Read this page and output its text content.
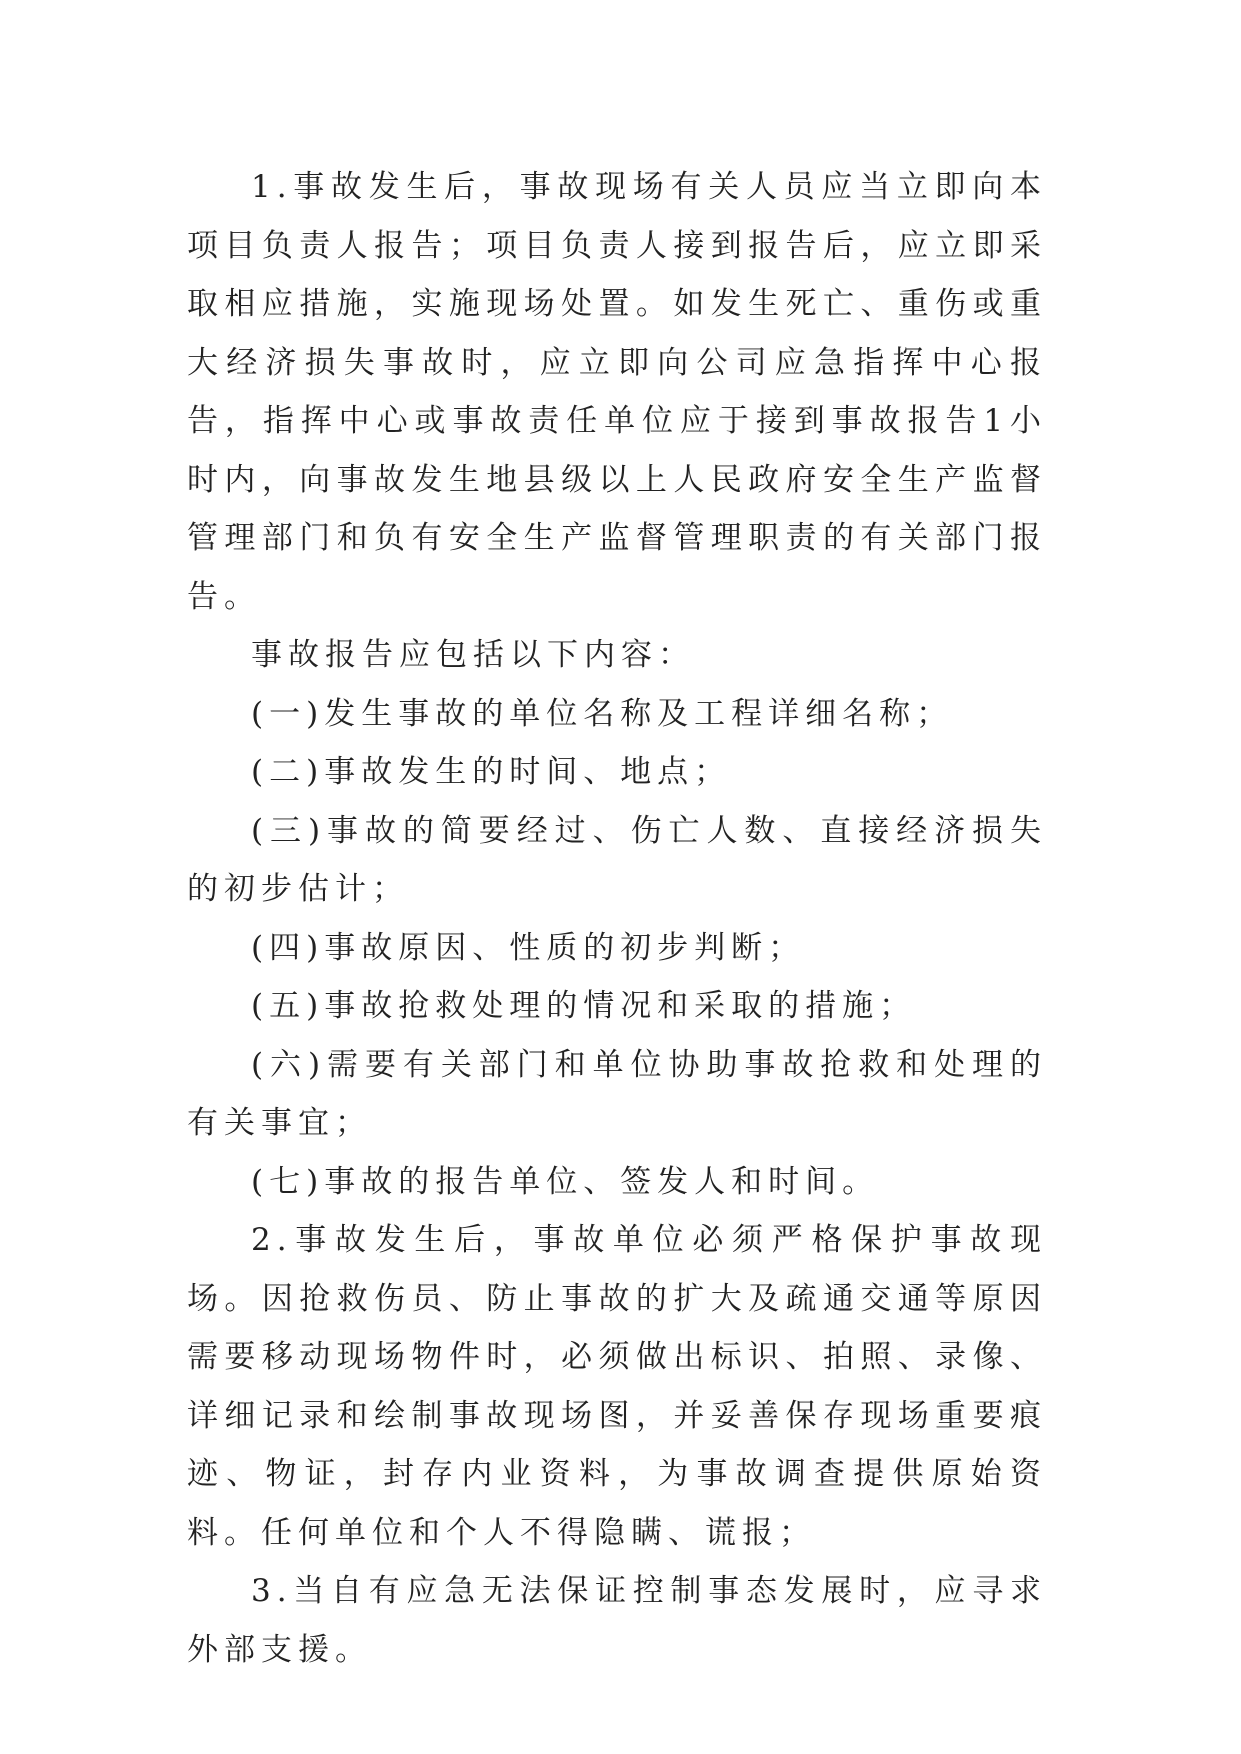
1.事故发生后，事故现场有关人员应当立即向本项目负责人报告；项目负责人接到报告后，应立即采取相应措施，实施现场处置。如发生死亡、重伤或重大经济损失事故时，应立即向公司应急指挥中心报告，指挥中心或事故责任单位应于接到事故报告1小时内，向事故发生地县级以上人民政府安全生产监督管理部门和负有安全生产监督管理职责的有关部门报告。

事故报告应包括以下内容：

(一)发生事故的单位名称及工程详细名称；

(二)事故发生的时间、地点；

(三)事故的简要经过、伤亡人数、直接经济损失的初步估计；

(四)事故原因、性质的初步判断；

(五)事故抢救处理的情况和采取的措施；

(六)需要有关部门和单位协助事故抢救和处理的有关事宜；

(七)事故的报告单位、签发人和时间。

2.事故发生后，事故单位必须严格保护事故现场。因抢救伤员、防止事故的扩大及疏通交通等原因需要移动现场物件时，必须做出标识、拍照、录像、详细记录和绘制事故现场图，并妥善保存现场重要痕迹、物证，封存内业资料，为事故调查提供原始资料。任何单位和个人不得隐瞒、谎报；

3.当自有应急无法保证控制事态发展时，应寻求外部支援。
